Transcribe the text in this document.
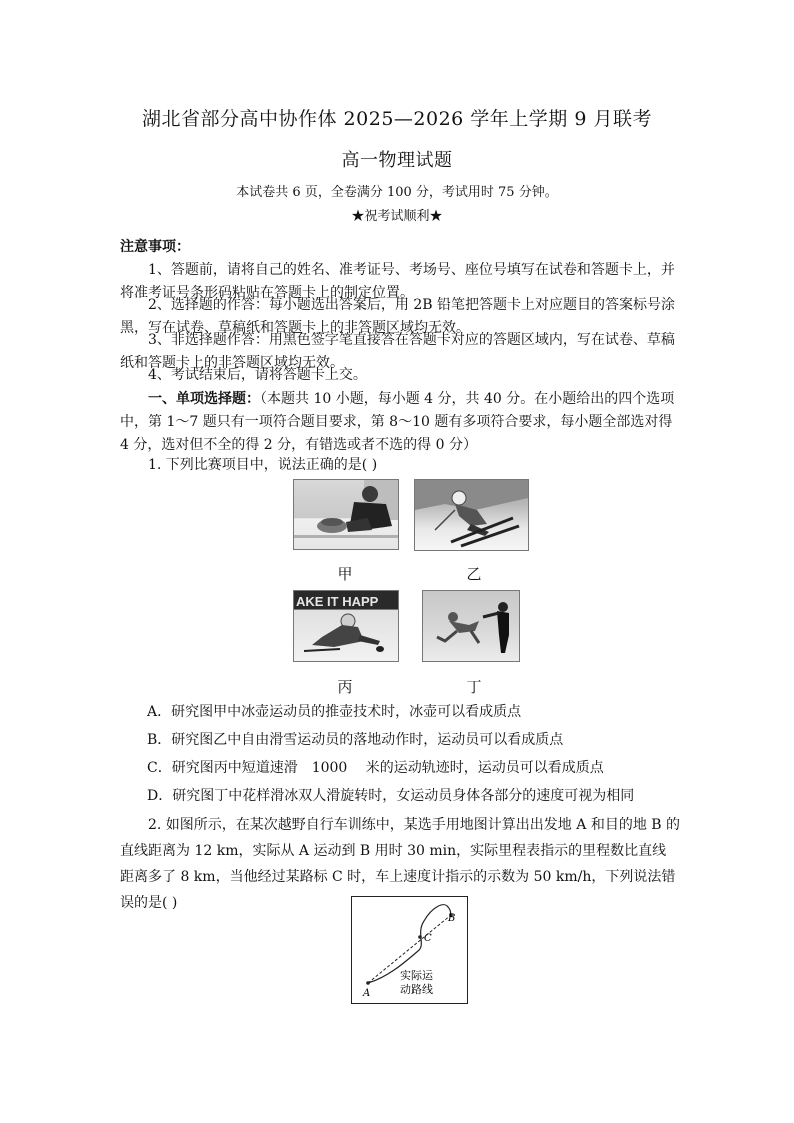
湖北省部分高中协作体 2025—2026 学年上学期 9 月联考
高一物理试题
本试卷共 6 页，全卷满分 100 分，考试用时 75 分钟。
★祝考试顺利★
注意事项：
1、答题前，请将自己的姓名、准考证号、考场号、座位号填写在试卷和答题卡上，并将准考证号条形码粘贴在答题卡上的制定位置。
2、选择题的作答：每小题选出答案后，用 2B 铅笔把答题卡上对应题目的答案标号涂黑，写在试卷、草稿纸和答题卡上的非答题区域均无效。
3、非选择题作答：用黑色签字笔直接答在答题卡对应的答题区域内，写在试卷、草稿纸和答题卡上的非答题区域均无效。
4、考试结束后，请将答题卡上交。
一、单项选择题：（本题共 10 小题，每小题 4 分，共 40 分。在小题给出的四个选项中，第 1～7 题只有一项符合题目要求，第 8～10 题有多项符合要求，每小题全部选对得 4 分，选对但不全的得 2 分，有错选或者不选的得 0 分）
1. 下列比赛项目中，说法正确的是( )
甲	乙
AKE IT HAPP
丙	丁
A．研究图甲中冰壶运动员的推壶技术时，冰壶可以看成质点
B．研究图乙中自由滑雪运动员的落地动作时，运动员可以看成质点
C．研究图丙中短道速滑　1000　 米的运动轨迹时，运动员可以看成质点
D．研究图丁中花样滑冰双人滑旋转时，女运动员身体各部分的速度可视为相同
2. 如图所示，在某次越野自行车训练中，某选手用地图计算出出发地 A 和目的地 B 的直线距离为 12 km，实际从 A 运动到 B 用时 30 min，实际里程表指示的里程数比直线距离多了 8 km，当他经过某路标 C 时，车上速度计指示的示数为 50 km/h，下列说法错误的是( )
A
B
C
实际运
动路线
